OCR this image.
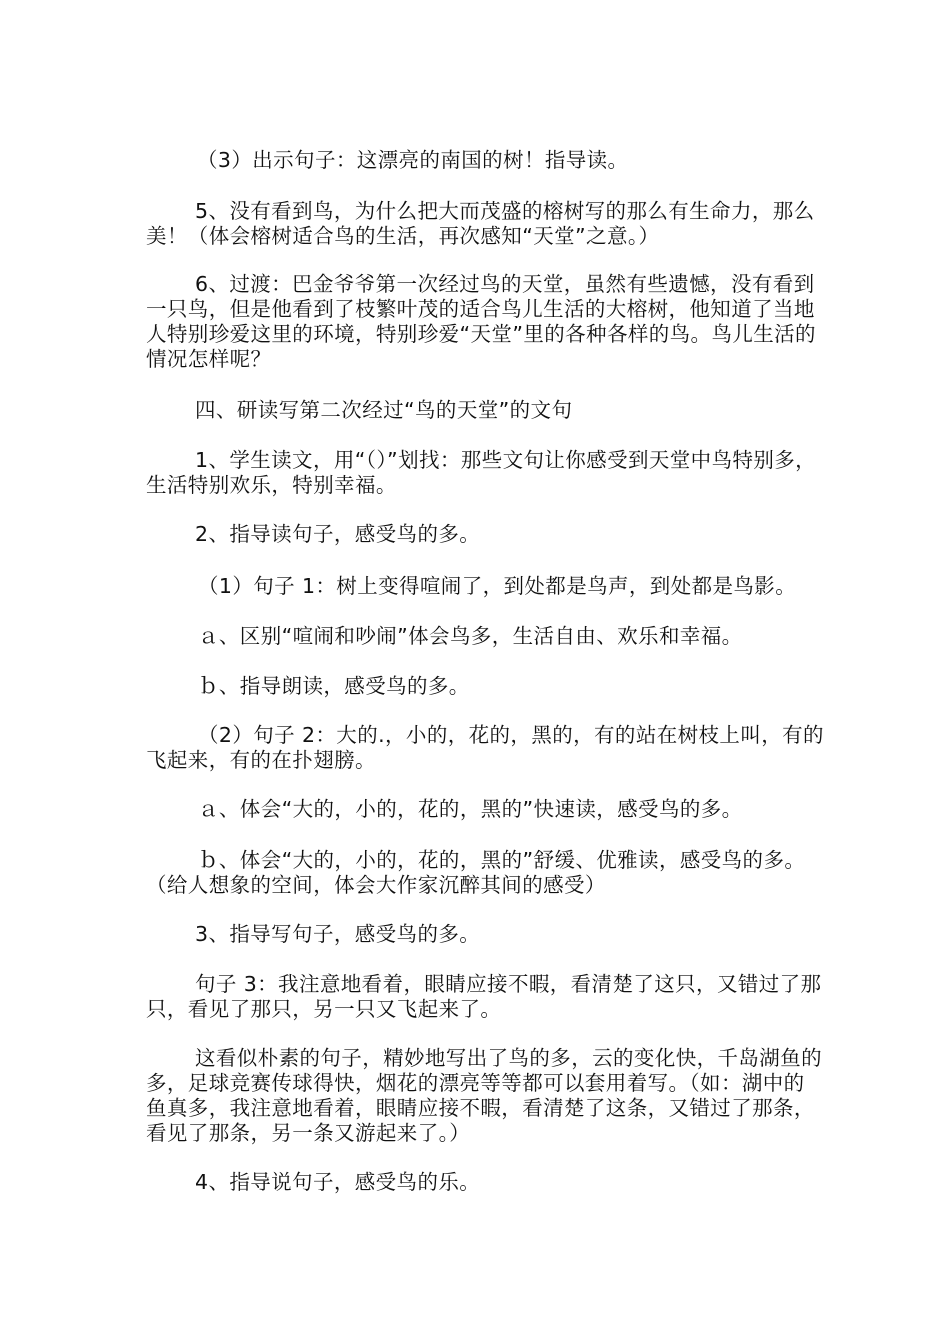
（3）出示句子：这漂亮的南国的树！指导读。

5、没有看到鸟，为什么把大而茂盛的榕树写的那么有生命力，那么美！（体会榕树适合鸟的生活，再次感知“天堂”之意。）

6、过渡：巴金爷爷第一次经过鸟的天堂，虽然有些遗憾，没有看到一只鸟，但是他看到了枝繁叶茂的适合鸟儿生活的大榕树，他知道了当地人特别珍爱这里的环境，特别珍爱“天堂”里的各种各样的鸟。鸟儿生活的情况怎样呢？

四、研读写第二次经过“鸟的天堂”的文句

1、学生读文，用“（）”划找：那些文句让你感受到天堂中鸟特别多，生活特别欢乐，特别幸福。

2、指导读句子，感受鸟的多。

（1）句子 1：树上变得喧闹了，到处都是鸟声，到处都是鸟影。

ａ、区别“喧闹和吵闹”体会鸟多，生活自由、欢乐和幸福。

ｂ、指导朗读，感受鸟的多。

（2）句子 2：大的.，小的，花的，黑的，有的站在树枝上叫，有的飞起来，有的在扑翅膀。

ａ、体会“大的，小的，花的，黑的”快速读，感受鸟的多。

ｂ、体会“大的，小的，花的，黑的”舒缓、优雅读，感受鸟的多。（给人想象的空间，体会大作家沉醉其间的感受）

3、指导写句子，感受鸟的多。

句子 3：我注意地看着，眼睛应接不暇，看清楚了这只，又错过了那只，看见了那只，另一只又飞起来了。

这看似朴素的句子，精妙地写出了鸟的多，云的变化快，千岛湖鱼的多，足球竞赛传球得快，烟花的漂亮等等都可以套用着写。（如：湖中的鱼真多，我注意地看着，眼睛应接不暇，看清楚了这条，又错过了那条，看见了那条，另一条又游起来了。）

4、指导说句子，感受鸟的乐。
